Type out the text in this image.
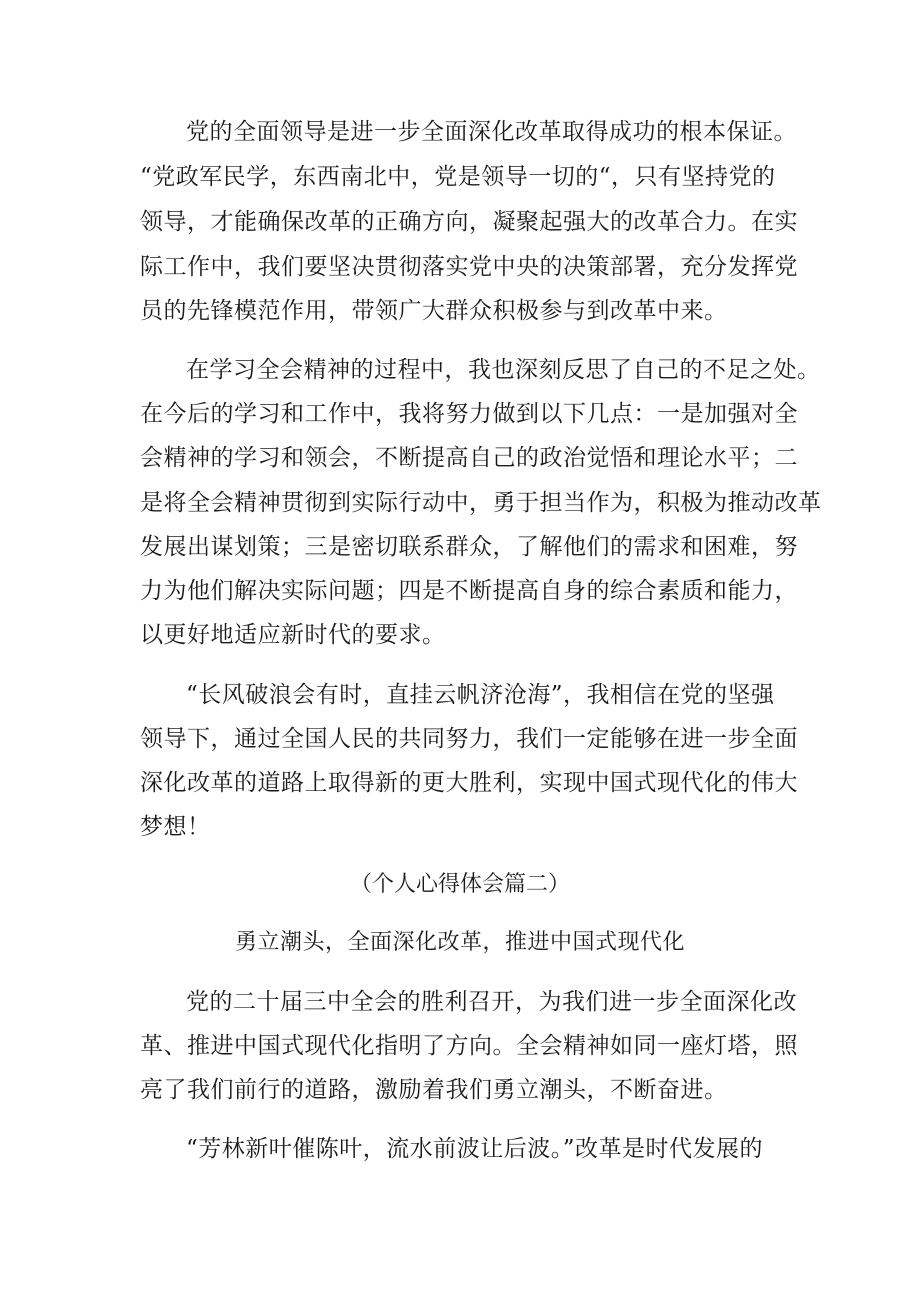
党的全面领导是进一步全面深化改革取得成功的根本保证。
“党政军民学，东西南北中，党是领导一切的“，只有坚持党的
领导，才能确保改革的正确方向，凝聚起强大的改革合力。在实
际工作中，我们要坚决贯彻落实党中央的决策部署，充分发挥党
员的先锋模范作用，带领广大群众积极参与到改革中来。
在学习全会精神的过程中，我也深刻反思了自己的不足之处。
在今后的学习和工作中，我将努力做到以下几点：一是加强对全
会精神的学习和领会，不断提高自己的政治觉悟和理论水平；二
是将全会精神贯彻到实际行动中，勇于担当作为，积极为推动改革
发展出谋划策；三是密切联系群众，了解他们的需求和困难，努
力为他们解决实际问题；四是不断提高自身的综合素质和能力，
以更好地适应新时代的要求。
“长风破浪会有时，直挂云帆济沧海”，我相信在党的坚强
领导下，通过全国人民的共同努力，我们一定能够在进一步全面
深化改革的道路上取得新的更大胜利，实现中国式现代化的伟大
梦想！
（个人心得体会篇二）
勇立潮头，全面深化改革，推进中国式现代化
党的二十届三中全会的胜利召开，为我们进一步全面深化改
革、推进中国式现代化指明了方向。全会精神如同一座灯塔，照
亮了我们前行的道路，激励着我们勇立潮头，不断奋进。
“芳林新叶催陈叶，流水前波让后波。”改革是时代发展的
